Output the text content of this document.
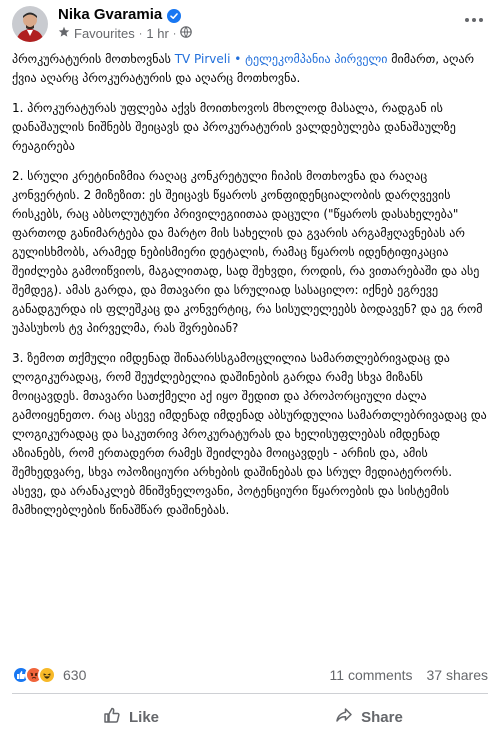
Nika Gvaramia
Favourites · 1 hr ·

პროკურატურის მოთხოვნას TV Pirveli • ტელეკომპანია პირველი მიმართ, აღარ ქვია აღარც პროკურატურის და აღარც მოთხოვნა.

1. პროკურატურას უფლება აქვს მოითხოვოს მხოლოდ მასალა, რადგან ის დანაშაულის ნიშნებს შეიცავს და პროკურატურის ვალდებულება დანაშაულზე რეაგირება

2. სრული კრეტინიზმია რაღაც კონკრეტული ჩიპის მოთხოვნა და რაღაც კონვერტის. 2 მიზეზით: ეს შეიცავს წყაროს კონფიდენციალობის დარღვევის რისკებს, რაც აბსოლუტური პრივილეგიითაა დაცული ("წყაროს დასახელება" ფართოდ განიმარტება და მარტო მის სახელის და გვარის არგამჟღავნებას არ გულისხმობს, არამედ ნებისმიერი დეტალის, რამაც წყაროს იდენტიფიკაცია შეიძლება გამოიწვიოს, მაგალითად, სად შეხვდი, როდის, რა ვითარებაში და ასე შემდეგ). ამას გარდა, და მთავარი და სრულიად სასაცილო: იქნებ ეგრევე განადგურდა ის ფლეშკაც და კონვერტიც, რა სისულელეებს ბოდავენ? და ეგ რომ უპასუხოს ტვ პირველმა, რას შვრებიან?

3. ზემოთ თქმული იმდენად შინაარსსგამოცლილია სამართლებრივადაც და ლოგიკურადაც, რომ შეუძლებელია დაშინების გარდა რამე სხვა მიზანს მოიცავდეს. მთავარი სათქმელი აქ იყო შედით და პროპორციული ძალა გამოიყენეთო. რაც ასევე იმდენად იმდენად აბსურდულია სამართლებრივადაც და ლოგიკურადაც და საკუთრივ პროკურატურას და ხელისუფლებას იმდენად აზიანებს, რომ ერთადერთ რამეს შეიძლება მოიცავდეს - არჩის და, ამის შემხედვარე, სხვა ოპოზიციური არხების დაშინებას და სრულ მედიატერორს. ასევე, და არანაკლებ მნიშვნელოვანი, პოტენციური წყაროების და სისტემის მამხილებლების წინაშწარ დაშინებას.

630	11 comments 37 shares
Like	Share
